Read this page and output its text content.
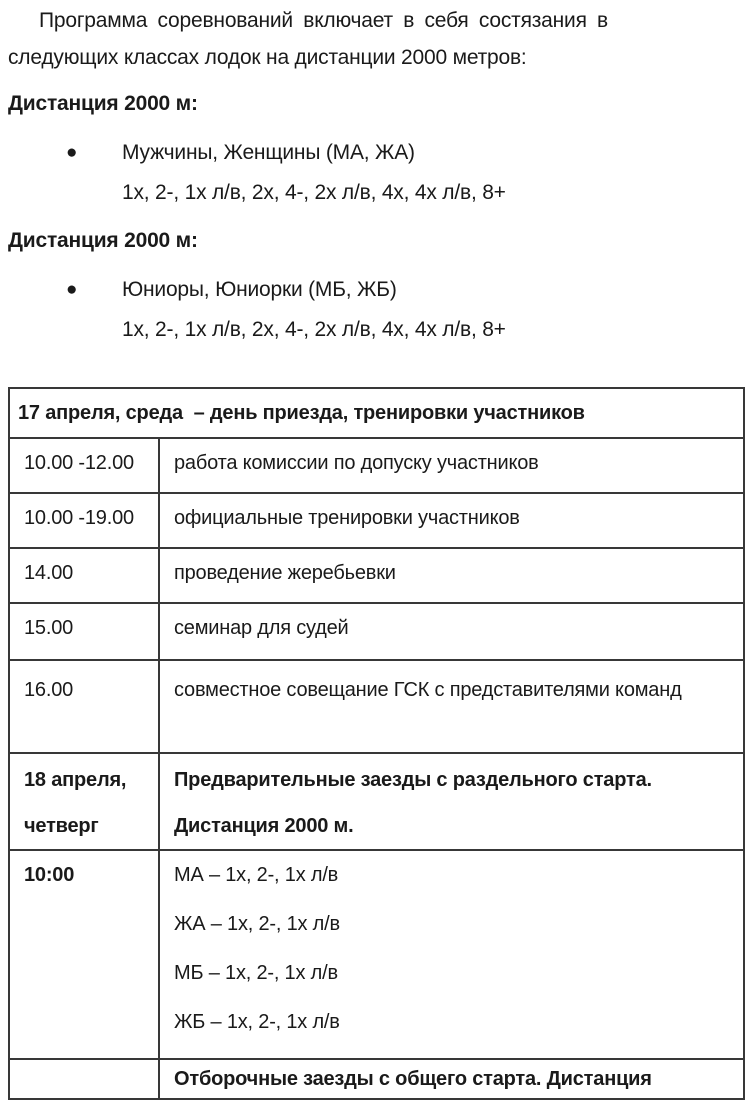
Программа соревнований включает в себя состязания в следующих классах лодок на дистанции 2000 метров:

Дистанция 2000 м:
● Мужчины, Женщины (МА, ЖА)
1х, 2-, 1х л/в, 2х, 4-, 2х л/в, 4х, 4х л/в, 8+
Дистанция 2000 м:
● Юниоры, Юниорки (МБ, ЖБ)
1х, 2-, 1х л/в, 2х, 4-, 2х л/в, 4х, 4х л/в, 8+
17 апреля, среда  – день приезда, тренировки участников	
10.00 -12.00	работа комиссии по допуску участников
10.00 -19.00	официальные тренировки участников
14.00	проведение жеребьевки
15.00	семинар для судей
16.00	совместное совещание ГСК с представителями команд
18 апреля, четверг	Предварительные заезды с раздельного старта. Дистанция 2000 м.
10:00	МА – 1х, 2-, 1х л/в
ЖА – 1х, 2-, 1х л/в
МБ – 1х, 2-, 1х л/в
ЖБ – 1х, 2-, 1х л/в

	Отборочные заезды с общего старта. Дистанция
